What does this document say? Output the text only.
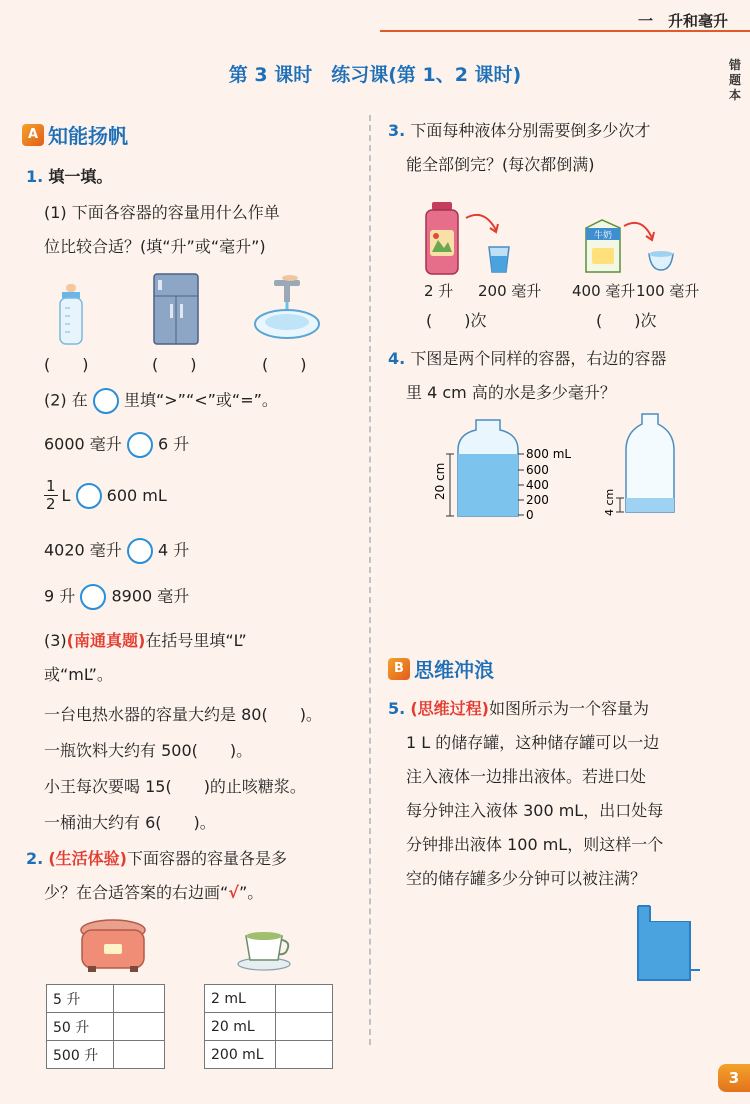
一　升和毫升
错
题
本
第 3 课时　练习课(第 1、2 课时)
A 知能扬帆
1. 填一填。
(1) 下面各容器的容量用什么作单
位比较合适？(填“升”或“毫升”)
(　　)	(　　)	(　　)
(2) 在 里填“>”“<”或“=”。
6000 毫升 6 升
1
2 L

600 mL
4020 毫升 4 升
9 升 8900 毫升
(3)(南通真题)在括号里填“L”
或“mL”。
一台电热水器的容量大约是 80(　　)。
一瓶饮料大约有 500(　　)。
小王每次要喝 15(　　)的止咳糖浆。
一桶油大约有 6(　　)。
2. (生活体验)下面容器的容量各是多
少？在合适答案的右边画“√”。
5 升	
50 升	
500 升	
2 mL	
20 mL	
200 mL	
3. 下面每种液体分别需要倒多少次才
能全部倒完？(每次都倒满)
牛奶
2 升 200 毫升 400 毫升 100 毫升
(　　)次	(　　)次
4. 下图是两个同样的容器，右边的容器
里 4 cm 高的水是多少毫升？
800 mL
600
400
200
0
20 cm
4 cm
B 思维冲浪
5. (思维过程)如图所示为一个容量为
1 L 的储存罐，这种储存罐可以一边
注入液体一边排出液体。若进口处
每分钟注入液体 300 mL，出口处每
分钟排出液体 100 mL，则这样一个
空的储存罐多少分钟可以被注满？
3
